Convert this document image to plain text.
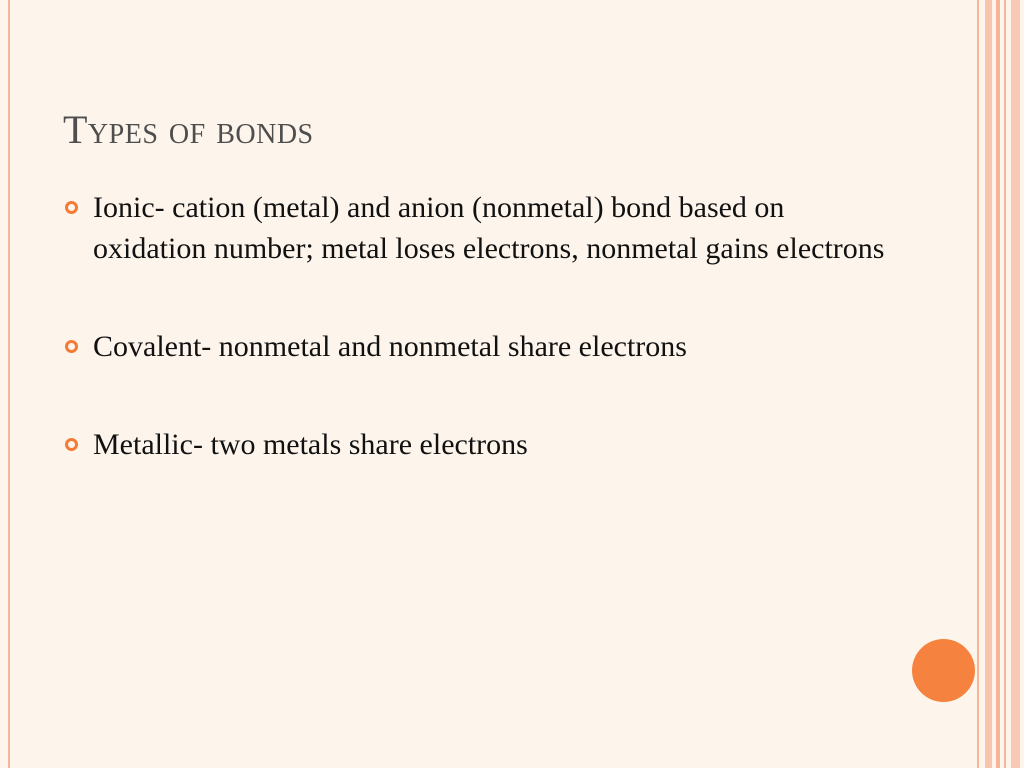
Types of bonds
Ionic- cation (metal) and anion (nonmetal) bond based on oxidation number; metal loses electrons, nonmetal gains electrons
Covalent- nonmetal and nonmetal share electrons
Metallic- two metals share electrons
